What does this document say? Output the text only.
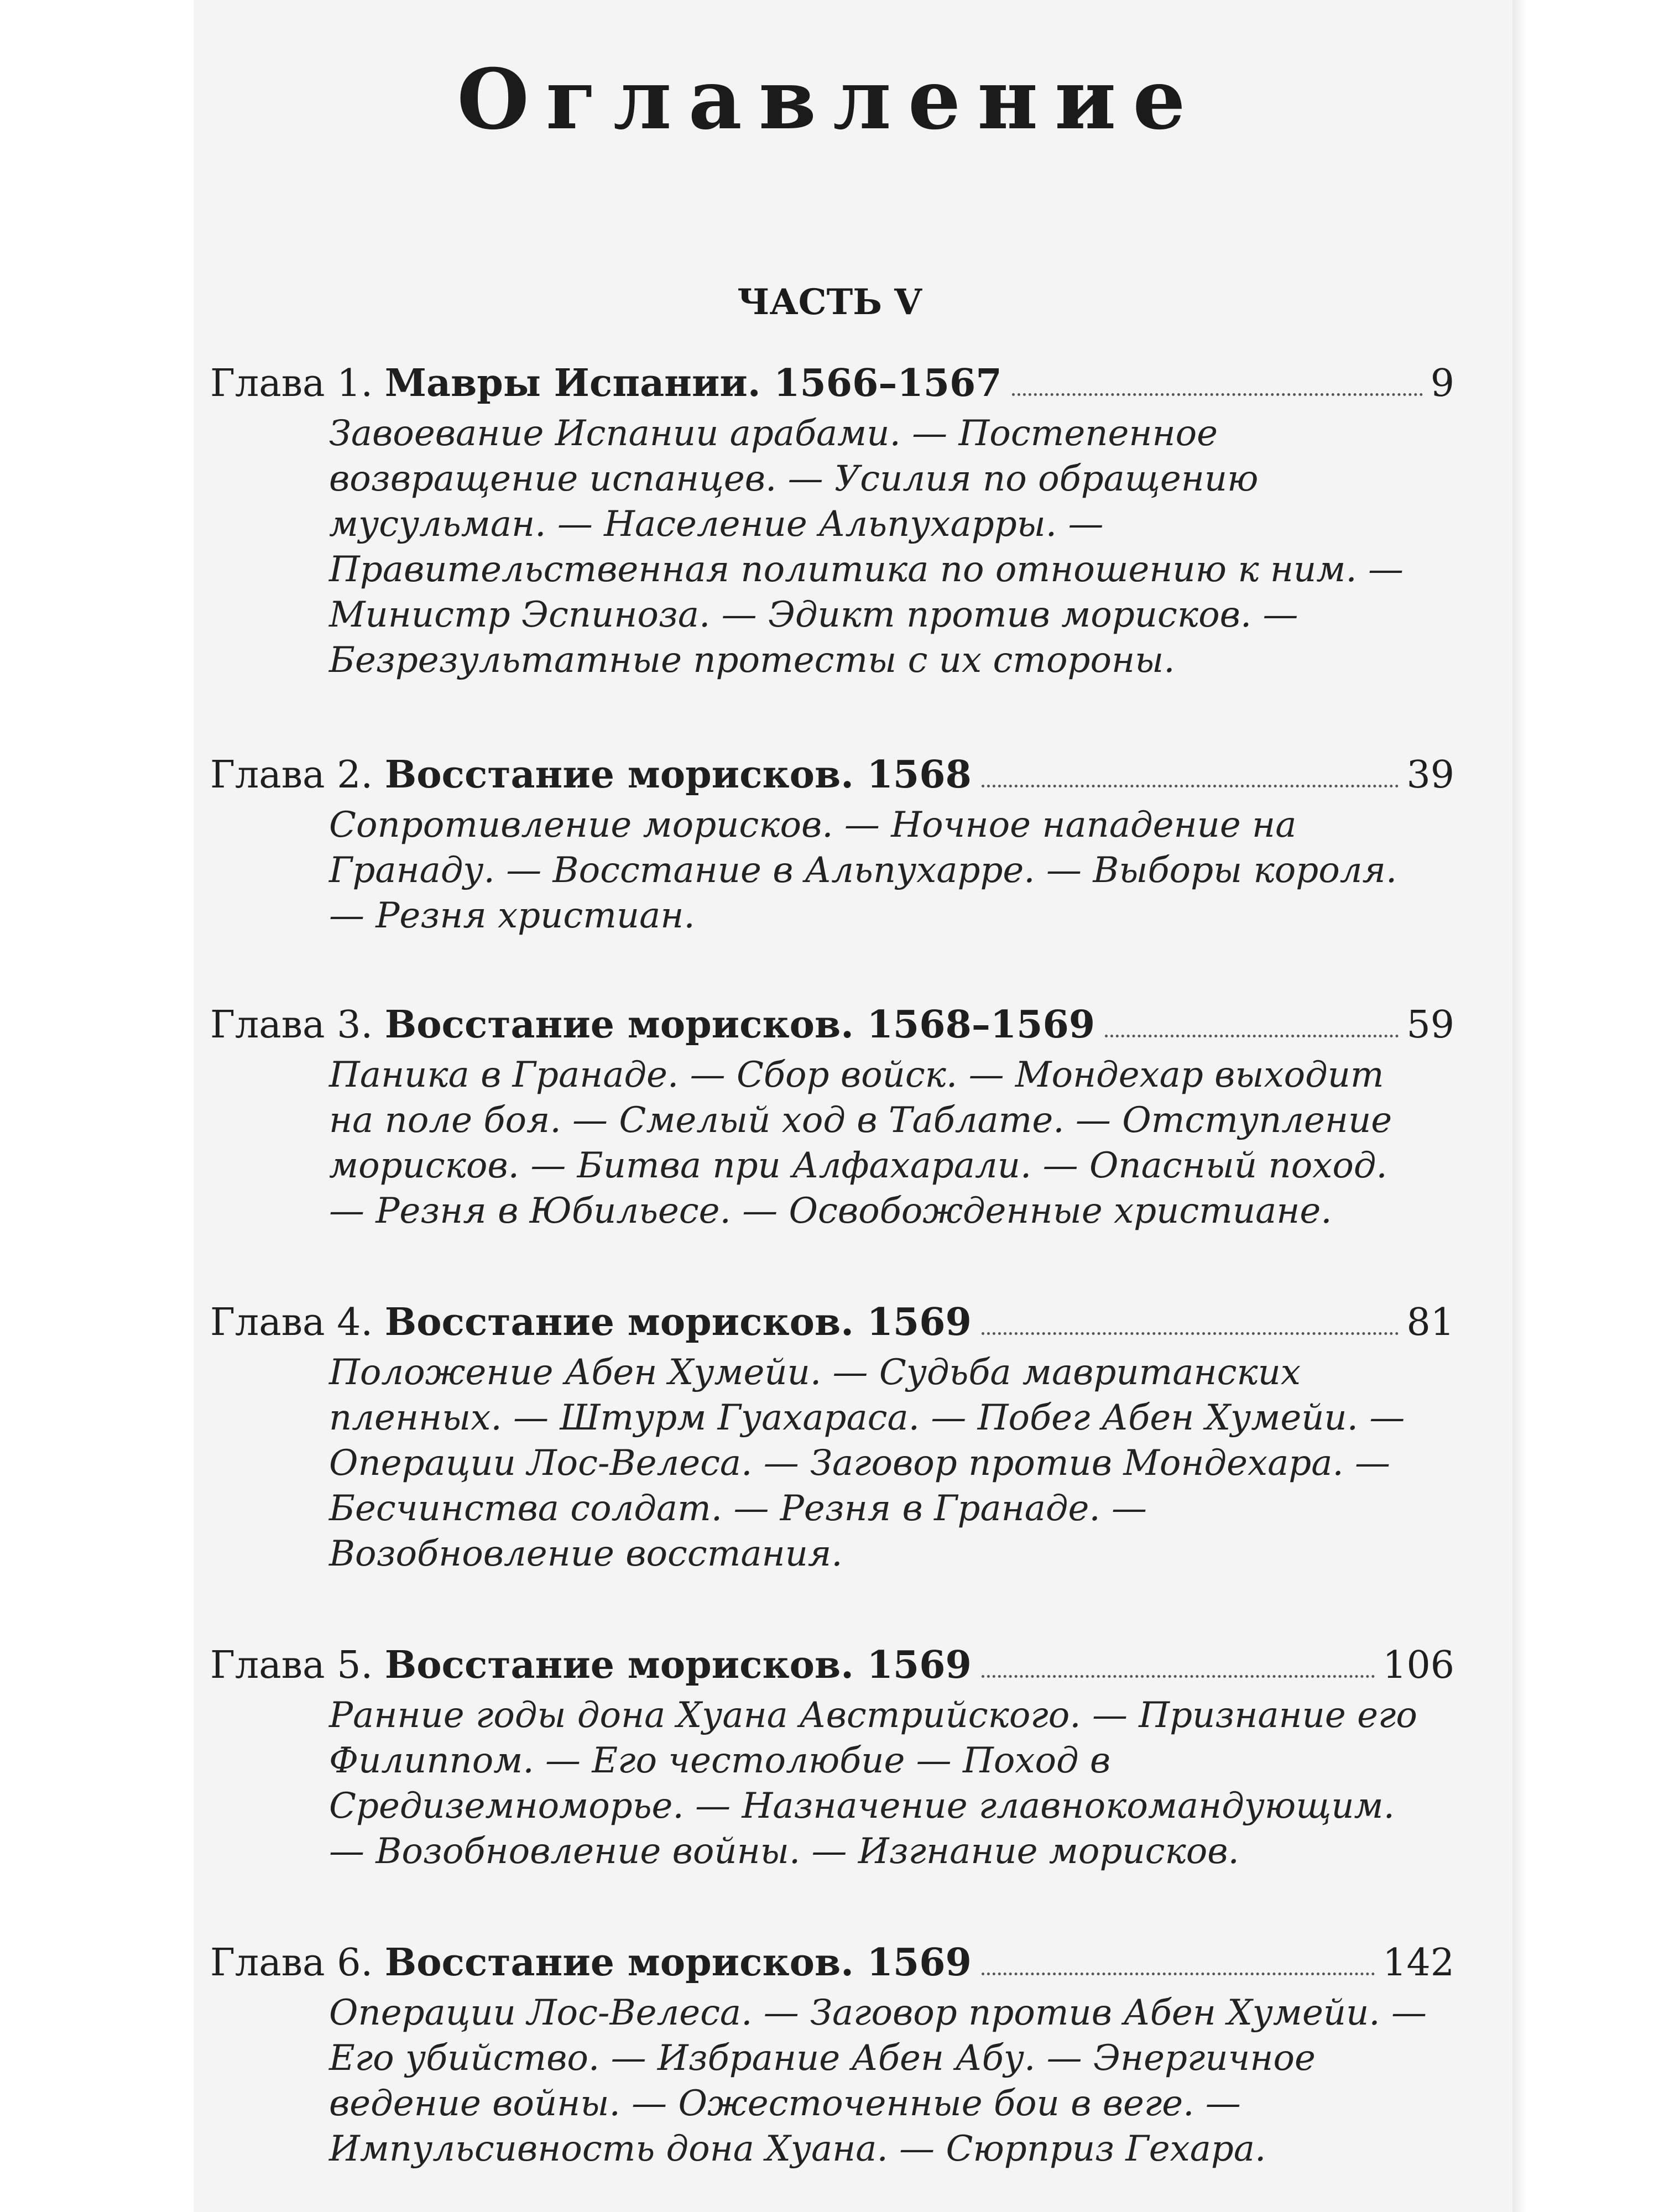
Оглавление
ЧАСТЬ V
Глава 1.
Мавры Испании. 1566–1567	9
Завоевание Испании арабами. — Постепенное возвращение испанцев. — Усилия по обращению мусульман. — Население Альпухарры. — Правительственная политика по отношению к ним. — Министр Эспиноза. — Эдикт против морисков. — Безрезультатные протесты с их стороны.
Глава 2.
Восстание морисков. 1568	39
Сопротивление морисков. — Ночное нападение на Гранаду. — Восстание в Альпухарре. — Выборы короля. — Резня христиан.
Глава 3.
Восстание морисков. 1568–1569	59
Паника в Гранаде. — Сбор войск. — Мондехар выходит на поле боя. — Смелый ход в Таблате. — Отступление морисков. — Битва при Алфахарали. — Опасный поход. — Резня в Юбильесе. — Освобожденные христиане.
Глава 4.
Восстание морисков. 1569	81
Положение Абен Хумейи. — Судьба мавританских пленных. — Штурм Гуахараса. — Побег Абен Хумейи. — Операции Лос-Велеса. — Заговор против Мондехара. — Бесчинства солдат. — Резня в Гранаде. — Возобновление восстания.
Глава 5.
Восстание морисков. 1569	106
Ранние годы дона Хуана Австрийского. — Признание его Филиппом. — Его честолюбие — Поход в Средиземноморье. — Назначение главнокомандующим. — Возобновление войны. — Изгнание морисков.
Глава 6.
Восстание морисков. 1569	142
Операции Лос-Велеса. — Заговор против Абен Хумейи. — Его убийство. — Избрание Абен Абу. — Энергичное ведение войны. — Ожесточенные бои в веге. — Импульсивность дона Хуана. — Сюрприз Гехара.
